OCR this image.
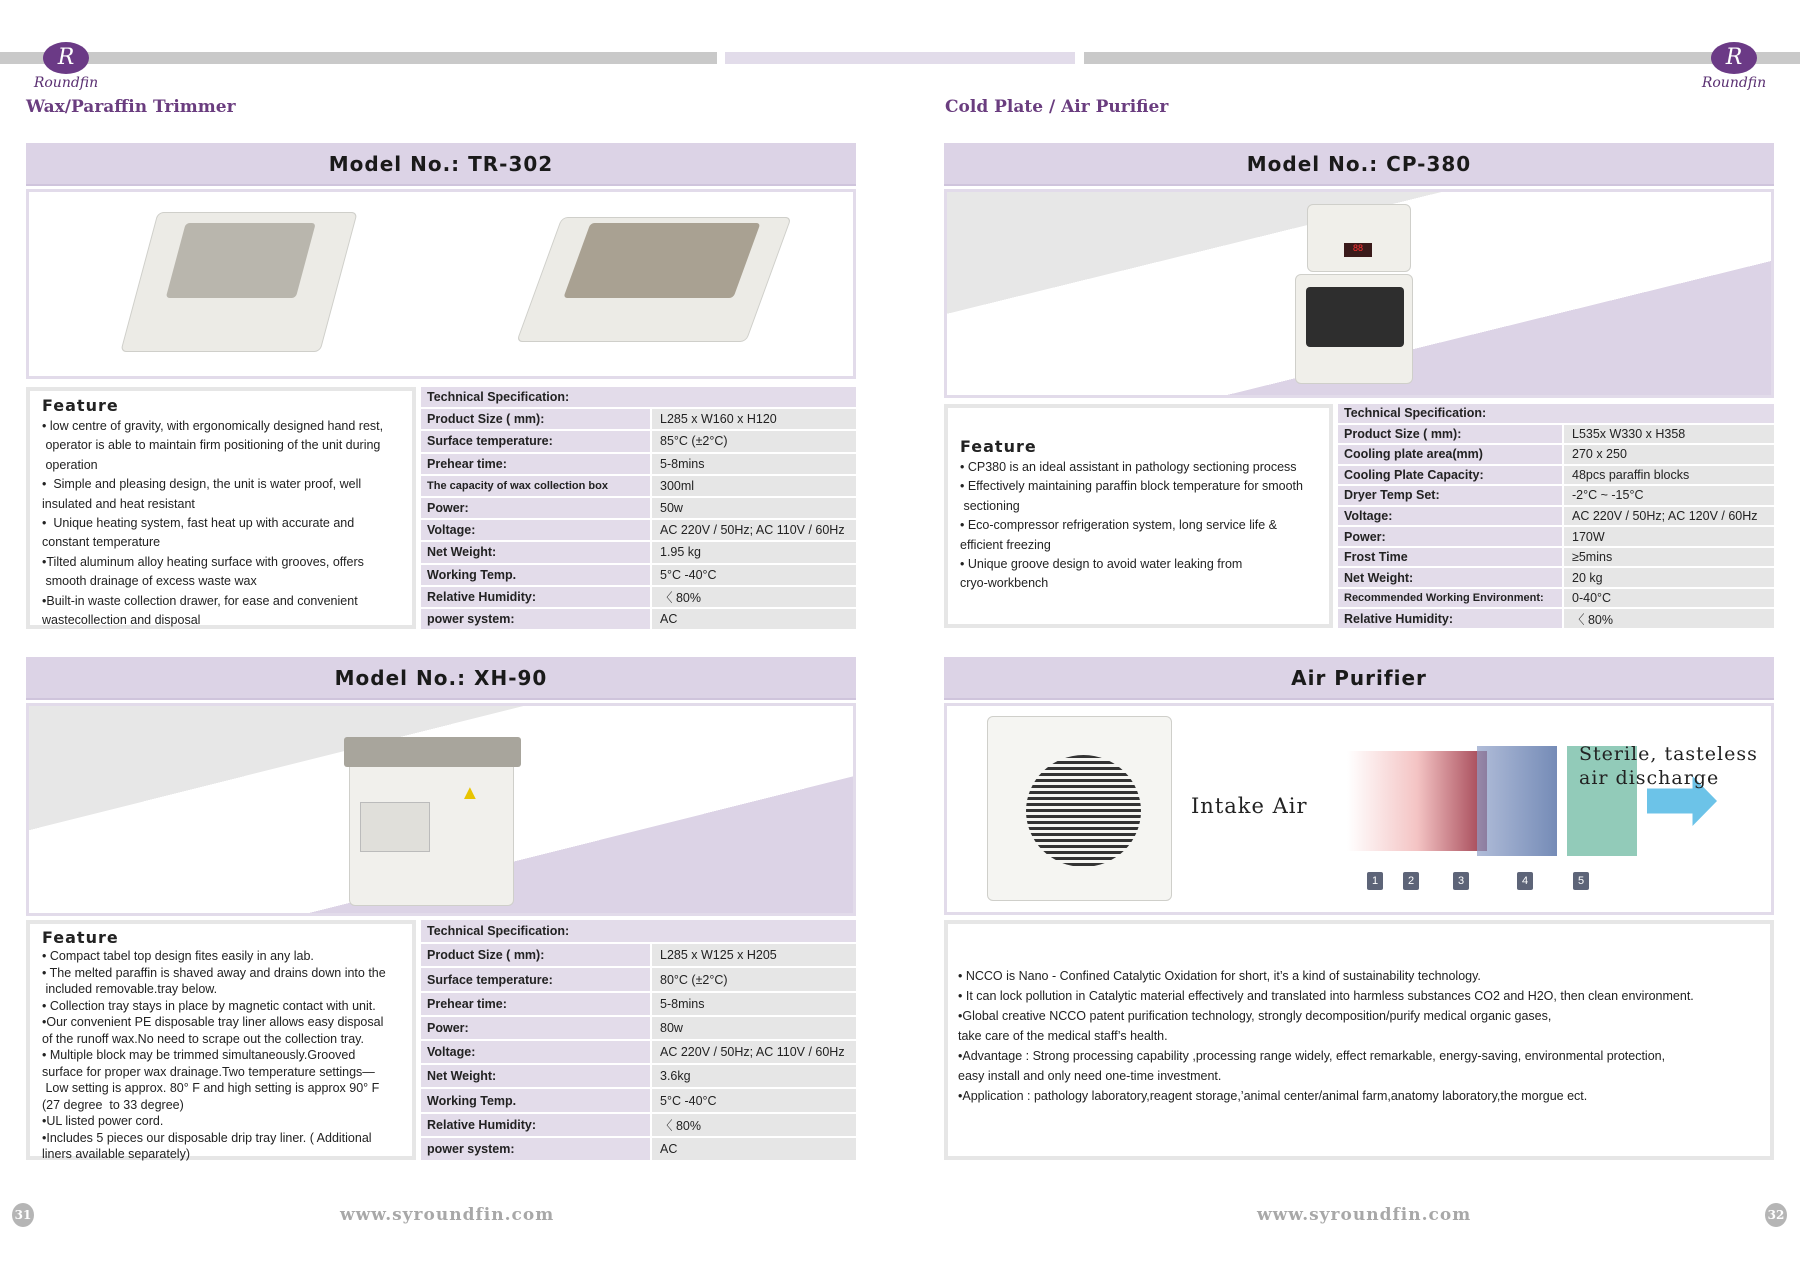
R
Roundfin
R
Roundfin
Wax/Paraffin Trimmer	Cold Plate / Air Purifier
Model No.: TR-302
Feature
• low centre of gravity, with ergonomically designed hand rest,
operator is able to maintain firm positioning of the unit during
operation
•  Simple and pleasing design, the unit is water proof, well
insulated and heat resistant
•  Unique heating system, fast heat up with accurate and
constant temperature
•Tilted aluminum alloy heating surface with grooves, offers
smooth drainage of excess waste wax
•Built-in waste collection drawer, for ease and convenient
wastecollection and disposal
Technical Specification:
Product Size ( mm):	L285 x W160 x H120
Surface temperature:	85°C (±2°C)
Prehear time:	5-8mins
The capacity of wax collection box	300ml
Power:	50w
Voltage:	AC 220V / 50Hz; AC 110V / 60Hz
Net Weight:	1.95 kg
Working Temp.	5°C -40°C
Relative Humidity:	〈 80%
power system:	AC
Model No.: XH-90
▲
Feature
• Compact tabel top design fites easily in any lab.
• The melted paraffin is shaved away and drains down into the
included removable.tray below.
• Collection tray stays in place by magnetic contact with unit.
•Our convenient PE disposable tray liner allows easy disposal
of the runoff wax.No need to scrape out the collection tray.
• Multiple block may be trimmed simultaneously.Grooved
surface for proper wax drainage.Two temperature settings—
Low setting is approx. 80° F and high setting is approx 90° F
(27 degree  to 33 degree)
•UL listed power cord.
•Includes 5 pieces our disposable drip tray liner. ( Additional
liners available separately)
Technical Specification:
Product Size ( mm):	L285 x W125 x H205
Surface temperature:	80°C (±2°C)
Prehear time:	5-8mins
Power:	80w
Voltage:	AC 220V / 50Hz; AC 110V / 60Hz
Net Weight:	3.6kg
Working Temp.	5°C -40°C
Relative Humidity:	〈 80%
power system:	AC
Model No.: CP-380
88
Feature
• CP380 is an ideal assistant in pathology sectioning process
• Effectively maintaining paraffin block temperature for smooth
sectioning
• Eco-compressor refrigeration system, long service life &
efficient freezing
• Unique groove design to avoid water leaking from
cryo-workbench
Technical Specification:
Product Size ( mm):	L535x W330 x H358
Cooling plate area(mm)	270 x 250
Cooling Plate Capacity:	48pcs paraffin blocks
Dryer Temp Set:	-2°C ~ -15°C
Voltage:	AC 220V / 50Hz; AC 120V / 60Hz
Power:	170W
Frost Time	≥5mins
Net Weight:	20 kg
Recommended Working Environment:	0-40°C
Relative Humidity:	〈 80%
Air Purifier
Intake Air
Sterile, tasteless
air discharge
1	2	3	4	5
• NCCO is Nano - Confined Catalytic Oxidation for short, it’s a kind of sustainability technology.
• It can lock pollution in Catalytic material effectively and translated into harmless substances CO2 and H2O, then clean environment.
•Global creative NCCO patent purification technology, strongly decomposition/purify medical organic gases,
take care of the medical staff’s health.
•Advantage : Strong processing capability ,processing range widely, effect remarkable, energy-saving, environmental protection,
easy install and only need one-time investment.
•Application : pathology laboratory,reagent storage,’animal center/animal farm,anatomy laboratory,the morgue ect.
31	www.syroundfin.com	www.syroundfin.com	32
